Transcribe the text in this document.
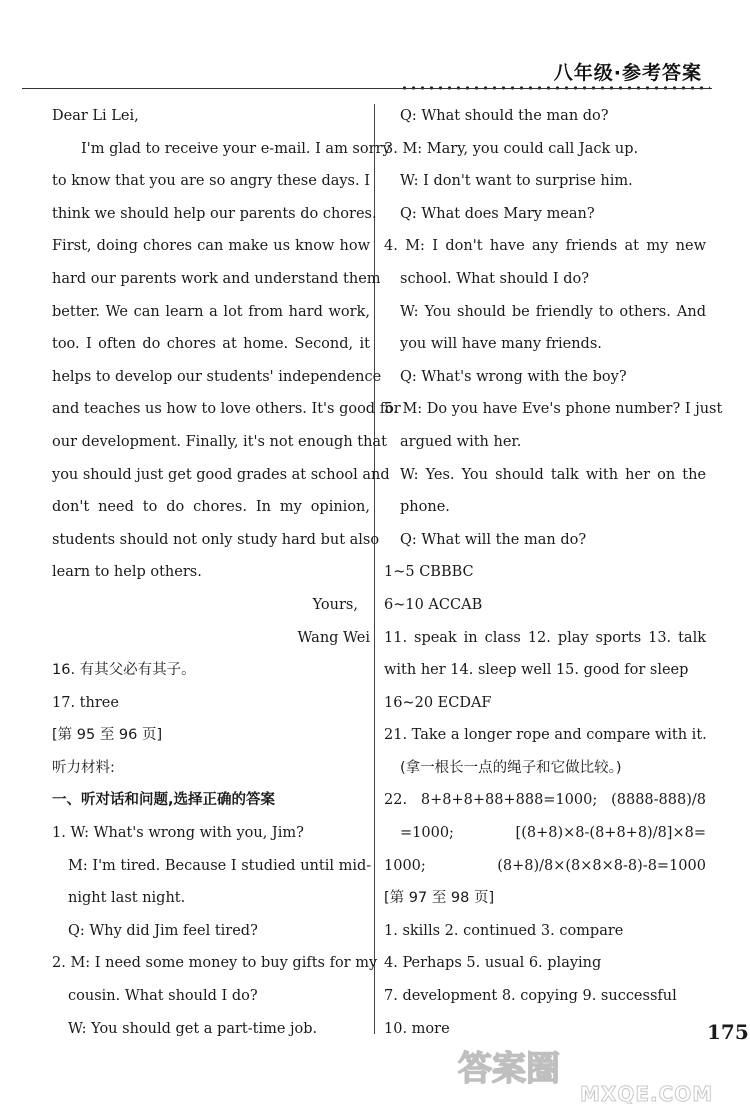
八年级·参考答案
Dear Li Lei,
I'm glad to receive your e-mail. I am sorry
to know that you are so angry these days. I
think we should help our parents do chores.
First, doing chores can make us know how
hard our parents work and understand them
better. We can learn a lot from hard work,
too. I often do chores at home. Second, it
helps to develop our students' independence
and teaches us how to love others. It's good for
our development. Finally, it's not enough that
you should just get good grades at school and
don't need to do chores. In my opinion,
students should not only study hard but also
learn to help others.
Yours,
Wang Wei
16. 有其父必有其子。
17. three
[第 95 至 96 页]
听力材料:
一、听对话和问题,选择正确的答案
1. W: What's wrong with you, Jim?
M: I'm tired. Because I studied until mid-
night last night.
Q: Why did Jim feel tired?
2. M: I need some money to buy gifts for my
cousin. What should I do?
W: You should get a part-time job.
Q: What should the man do?
3. M: Mary, you could call Jack up.
W: I don't want to surprise him.
Q: What does Mary mean?
4. M: I don't have any friends at my new
school. What should I do?
W: You should be friendly to others. And
you will have many friends.
Q: What's wrong with the boy?
5. M: Do you have Eve's phone number? I just
argued with her.
W: Yes. You should talk with her on the
phone.
Q: What will the man do?
1~5 CBBBC
6~10 ACCAB
11. speak in class 12. play sports 13. talk
with her 14. sleep well 15. good for sleep
16~20 ECDAF
21. Take a longer rope and compare with it.
(拿一根长一点的绳子和它做比较。)
22. 8+8+8+88+888=1000; (8888-888)/8
=1000; [(8+8)×8-(8+8+8)/8]×8=
1000; (8+8)/8×(8×8×8-8)-8=1000
[第 97 至 98 页]
1. skills 2. continued 3. compare
4. Perhaps 5. usual 6. playing
7. development 8. copying 9. successful
10. more	175
答案圈
MXQE.COM
